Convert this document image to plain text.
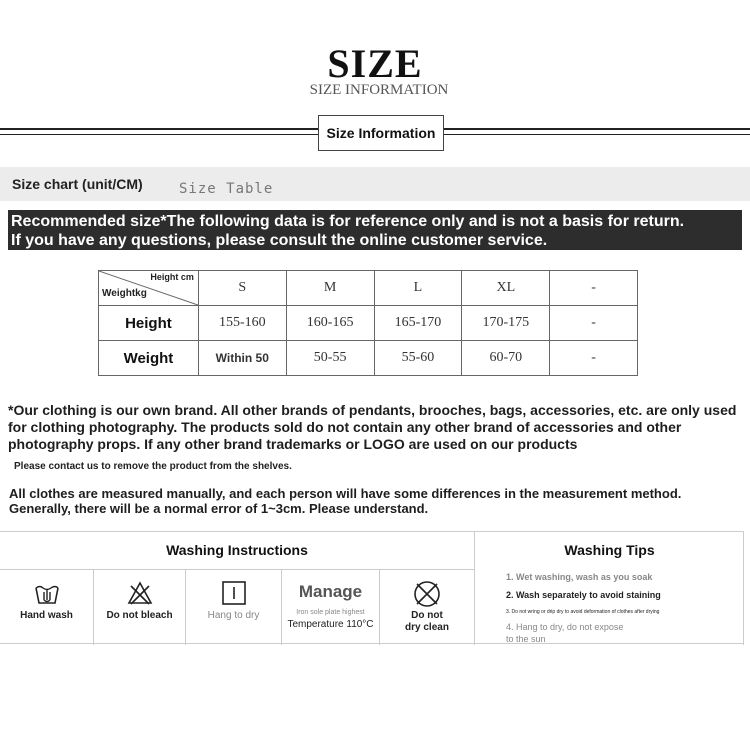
SIZE
SIZE INFORMATION
Size Information
Size chart (unit/CM)	Size Table
Recommended size*The following data is for reference only and is not a basis for return.
If you have any questions, please consult the online customer service.
Height cm
Weightkg	S	M	L	XL	-
Height	155-160	160-165	165-170	170-175	-
Weight	Within 50	50-55	55-60	60-70	-
*Our clothing is our own brand. All other brands of pendants, brooches, bags, accessories, etc. are only used for clothing photography. The products sold do not contain any other brand of accessories and other photography props. If any other brand trademarks or LOGO are used on our products
Please contact us to remove the product from the shelves.
All clothes are measured manually, and each person will have some differences in the measurement method.
Generally, there will be a normal error of 1~3cm. Please understand.
Washing Instructions	Washing Tips
Hand wash	Do not bleach	Hang to dry
Manage
Iron sole plate highest
Temperature 110°C
Do not
dry clean
1. Wet washing, wash as you soak
2. Wash separately to avoid staining
3. Do not wring or drip dry to avoid deformation of clothes after drying
4. Hang to dry, do not expose to the sun
